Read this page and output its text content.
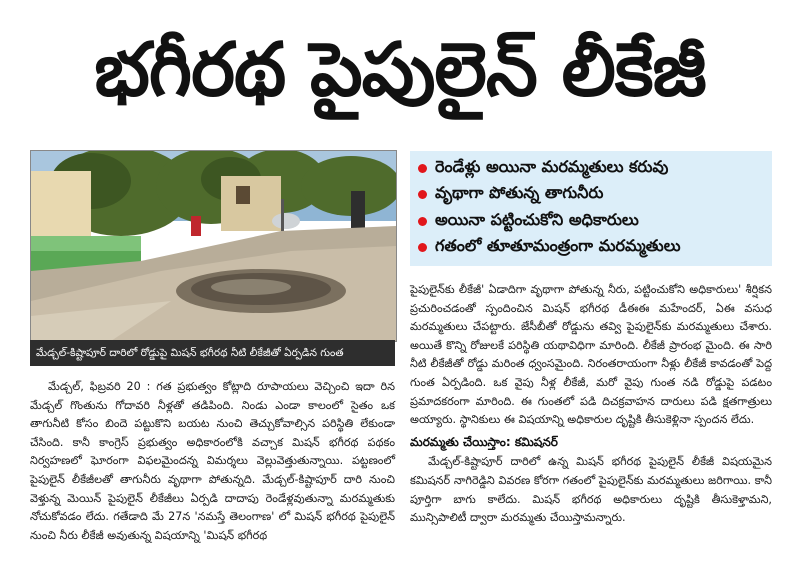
భగీరథ పైపులైన్ లీకేజీ
మేడ్చల్-కిష్టాపూర్ దారిలో రోడ్డుపై మిషన్ భగీరథ నీటి లీకేజీతో ఏర్పడిన గుంత
రెండేళ్లు అయినా మరమ్మతులు కరువు
వృథాగా పోతున్న తాగునీరు
అయినా పట్టించుకోని అధికారులు
గతంలో తూతూమంత్రంగా మరమ్మతులు

పైపులైన్‌కు లీకేజీ' ఏడాదిగా వృథాగా పోతున్న నీరు, పట్టించుకోని అధికారులు' శీర్షికన ప్రచురించడంతో స్పందించిన మిషన్ భగీరథ డీఈఈ మహేందర్, ఏఈ వసుధ మరమ్మతులు చేపట్టారు. జేసీబీతో రోడ్డును తవ్వి పైపులైన్‌కు మరమ్మతులు చేశారు. అయితే కొన్ని రోజులకే పరిస్థితి యథావిధిగా మారింది. లీకేజీ ప్రారంభ మైంది. ఈ సారి నీటి లీకేజీతో రోడ్డు మరింత ధ్వంసమైంది. నిరంతరాయంగా నీళ్లు లీకేజీ కావడంతో పెద్ద గుంత ఏర్పడింది. ఒక వైపు నీళ్ల లీకేజీ, మరో వైపు గుంత నడి రోడ్డుపై పడటం ప్రమాదకరంగా మారింది. ఈ గుంతలో పడి దిచక్రవాహన దారులు పడి క్షతగాత్రులు అయ్యారు. స్థానికులు ఈ విషయాన్ని అధికారుల దృష్టికి తీసుకెళ్లినా స్పందన లేదు.

మరమ్మతు చేయిస్తాం: కమిషనర్

మేడ్చల్-కిష్టాపూర్ దారిలో ఉన్న మిషన్ భగీరథ పైపులైన్ లీకేజీ విషయమైన కమిషనర్ నాగిరెడ్డిని వివరణ కోరగా గతంలో పైపులైన్‌కు మరమ్మతులు జరిగాయి. కానీ పూర్తిగా బాగు కాలేదు. మిషన్ భగీరథ అధికారులు దృష్టికి తీసుకెళ్తామని, మున్సిపాలిటీ ద్వారా మరమ్మతు చేయిస్తామన్నారు.

మేడ్చల్, ఫిబ్రవరి 20 : గత ప్రభుత్వం కోట్లాది రూపాయలు వెచ్చించి ఇదా రిన మేడ్చల్ గొంతును గోదావరి నీళ్లతో తడిపింది. నిండు ఎండా కాలంలో సైతం ఒక తాగునీటి కోసం బిందె పట్టుకొని బయట నుంచి తెచ్చుకోవాల్సిన పరిస్థితి లేకుండా చేసింది. కానీ కాంగ్రెస్ ప్రభుత్వం అధికారంలోకి వచ్చాక మిషన్ భగీరథ పథకం నిర్వహణలో ఘోరంగా విఫలమైందన్న విమర్శలు వెల్లువెత్తుతున్నాయి. పట్టణంలో పైపులైన్ లీకేజీలతో తాగునీరు వృథాగా పోతున్నది. మేడ్చల్-కిష్టాపూర్ దారి నుంచి వెళ్తున్న మెయిన్ పైపులైన్ లీకేజీలు ఏర్పడి దాదాపు రెండేళ్లవుతున్నా మరమ్మతుకు నోచుకోవడం లేదు. గతేడాది మే 27న 'నమస్తే తెలంగాణ' లో మిషన్ భగీరథ పైపులైన్ నుంచి నీరు లీకేజీ అవుతున్న విషయాన్ని 'మిషన్ భగీరథ
